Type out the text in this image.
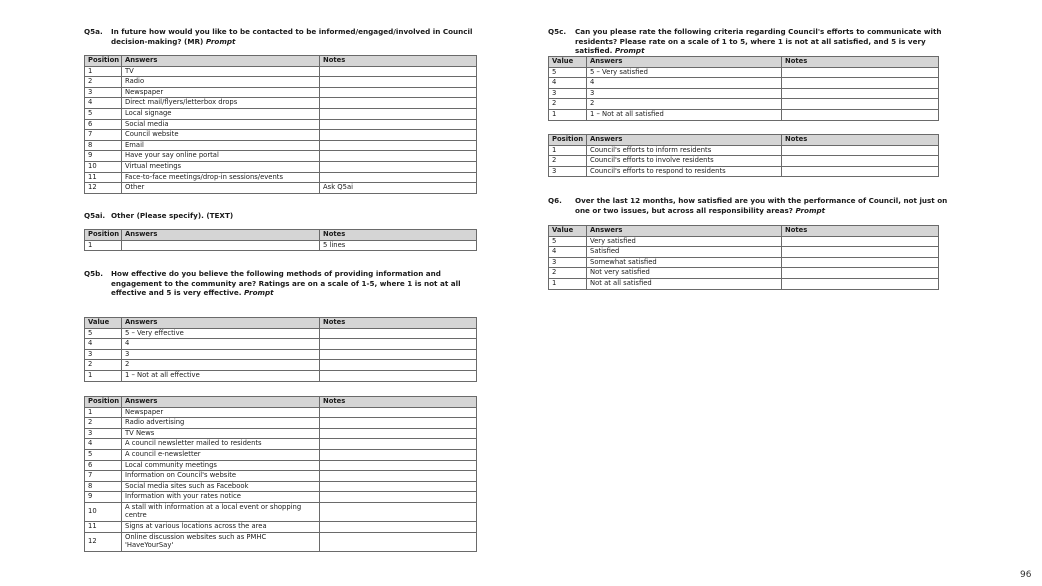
Q5a. In future how would you like to be contacted to be informed/engaged/involved in Council decision-making? (MR) Prompt
Position	Answers	Notes
1	TV	
2	Radio	
3	Newspaper	
4	Direct mail/flyers/letterbox drops	
5	Local signage	
6	Social media	
7	Council website	
8	Email	
9	Have your say online portal	
10	Virtual meetings	
11	Face-to-face meetings/drop-in sessions/events	
12	Other	Ask Q5ai
Q5ai. Other (Please specify). (TEXT)
Position	Answers	Notes
1		5 lines
Q5b. How effective do you believe the following methods of providing information and engagement to the community are? Ratings are on a scale of 1-5, where 1 is not at all effective and 5 is very effective. Prompt
Value	Answers	Notes
5	5 – Very effective	
4	4	
3	3	
2	2	
1	1 – Not at all effective	
Position	Answers	Notes
1	Newspaper	
2	Radio advertising	
3	TV News	
4	A council newsletter mailed to residents	
5	A council e-newsletter	
6	Local community meetings	
7	Information on Council's website	
8	Social media sites such as Facebook	
9	Information with your rates notice	
10	A stall with information at a local event or shopping centre	
11	Signs at various locations across the area	
12	Online discussion websites such as PMHC 'HaveYourSay'	
Q5c. Can you please rate the following criteria regarding Council's efforts to communicate with residents? Please rate on a scale of 1 to 5, where 1 is not at all satisfied, and 5 is very satisfied. Prompt
Value	Answers	Notes
5	5 – Very satisfied	
4	4	
3	3	
2	2	
1	1 – Not at all satisfied	
Position	Answers	Notes
1	Council's efforts to inform residents	
2	Council's efforts to involve residents	
3	Council's efforts to respond to residents	
Q6. Over the last 12 months, how satisfied are you with the performance of Council, not just on one or two issues, but across all responsibility areas? Prompt
Value	Answers	Notes
5	Very satisfied	
4	Satisfied	
3	Somewhat satisfied	
2	Not very satisfied	
1	Not at all satisfied	
96
